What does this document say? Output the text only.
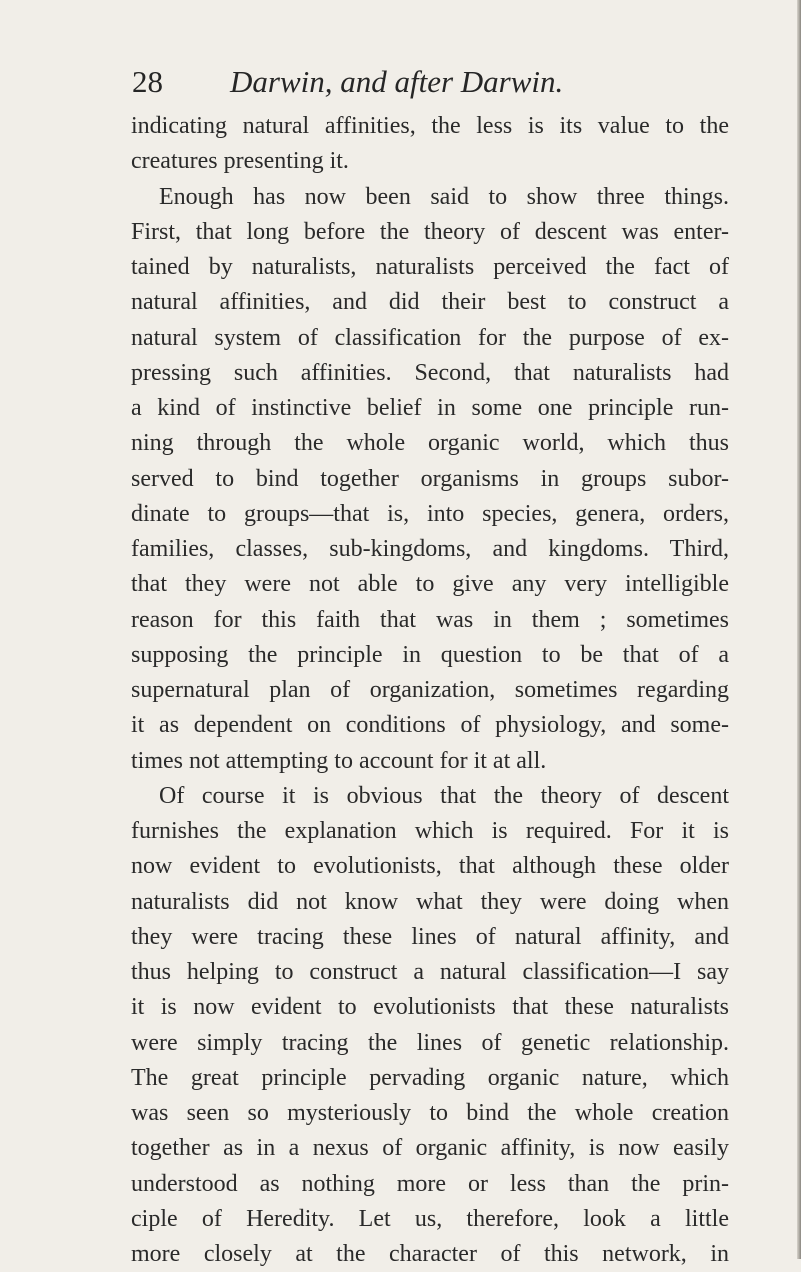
28 Darwin, and after Darwin.
indicating natural affinities, the less is its value to the
creatures presenting it.
Enough has now been said to show three things.
First, that long before the theory of descent was enter-
tained by naturalists, naturalists perceived the fact of
natural affinities, and did their best to construct a
natural system of classification for the purpose of ex-
pressing such affinities. Second, that naturalists had
a kind of instinctive belief in some one principle run-
ning through the whole organic world, which thus
served to bind together organisms in groups subor-
dinate to groups—that is, into species, genera, orders,
families, classes, sub-kingdoms, and kingdoms. Third,
that they were not able to give any very intelligible
reason for this faith that was in them ; sometimes
supposing the principle in question to be that of a
supernatural plan of organization, sometimes regarding
it as dependent on conditions of physiology, and some-
times not attempting to account for it at all.
Of course it is obvious that the theory of descent
furnishes the explanation which is required. For it is
now evident to evolutionists, that although these older
naturalists did not know what they were doing when
they were tracing these lines of natural affinity, and
thus helping to construct a natural classification—I say
it is now evident to evolutionists that these naturalists
were simply tracing the lines of genetic relationship.
The great principle pervading organic nature, which
was seen so mysteriously to bind the whole creation
together as in a nexus of organic affinity, is now easily
understood as nothing more or less than the prin-
ciple of Heredity. Let us, therefore, look a little
more closely at the character of this network, in
